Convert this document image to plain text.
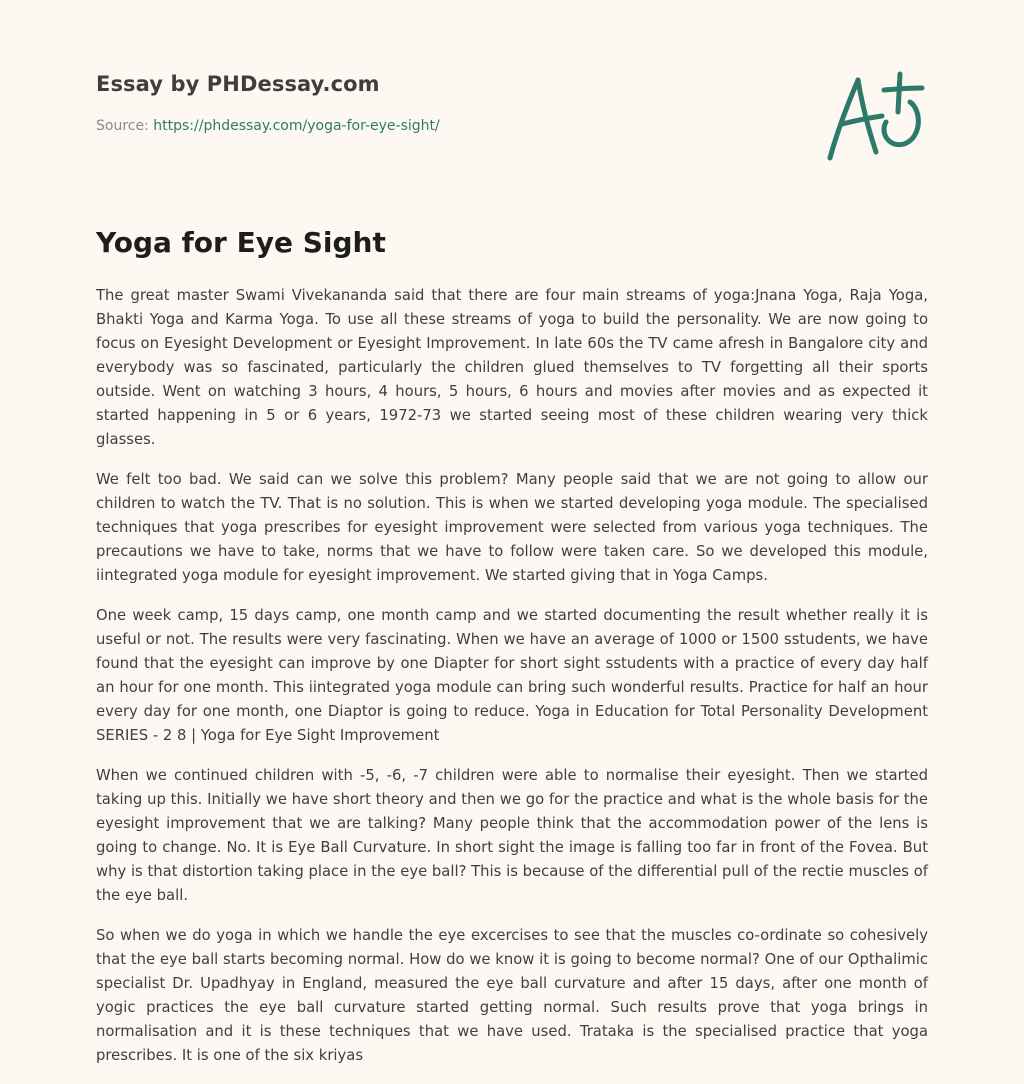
Essay by PHDessay.com
Source: https://phdessay.com/yoga-for-eye-sight/
Yoga for Eye Sight

The great master Swami Vivekananda said that there are four main streams of yoga:Jnana Yoga, Raja Yoga, Bhakti Yoga and Karma Yoga. To use all these streams of yoga to build the personality. We are now going to focus on Eyesight Development or Eyesight Improvement. In late 60s the TV came afresh in Bangalore city and everybody was so fascinated, particularly the children glued themselves to TV forgetting all their sports outside. Went on watching 3 hours, 4 hours, 5 hours, 6 hours and movies after movies and as expected it started happening in 5 or 6 years, 1972-73 we started seeing most of these children wearing very thick glasses.

We felt too bad. We said can we solve this problem? Many people said that we are not going to allow our children to watch the TV. That is no solution. This is when we started developing yoga module. The specialised techniques that yoga prescribes for eyesight improvement were selected from various yoga techniques. The precautions we have to take, norms that we have to follow were taken care. So we developed this module, iintegrated yoga module for eyesight improvement. We started giving that in Yoga Camps.

One week camp, 15 days camp, one month camp and we started documenting the result whether really it is useful or not. The results were very fascinating. When we have an average of 1000 or 1500 sstudents, we have found that the eyesight can improve by one Diapter for short sight sstudents with a practice of every day half an hour for one month. This iintegrated yoga module can bring such wonderful results. Practice for half an hour every day for one month, one Diaptor is going to reduce. Yoga in Education for Total Personality Development SERIES - 2 8 | Yoga for Eye Sight Improvement

When we continued children with -5, -6, -7 children were able to normalise their eyesight. Then we started taking up this. Initially we have short theory and then we go for the practice and what is the whole basis for the eyesight improvement that we are talking? Many people think that the accommodation power of the lens is going to change. No. It is Eye Ball Curvature. In short sight the image is falling too far in front of the Fovea. But why is that distortion taking place in the eye ball? This is because of the differential pull of the rectie muscles of the eye ball.

So when we do yoga in which we handle the eye excercises to see that the muscles co-ordinate so cohesively that the eye ball starts becoming normal. How do we know it is going to become normal? One of our Opthalimic specialist Dr. Upadhyay in England, measured the eye ball curvature and after 15 days, after one month of yogic practices the eye ball curvature started getting normal. Such results prove that yoga brings in normalisation and it is these techniques that we have used. Trataka is the specialised practice that yoga prescribes. It is one of the six kriyas
